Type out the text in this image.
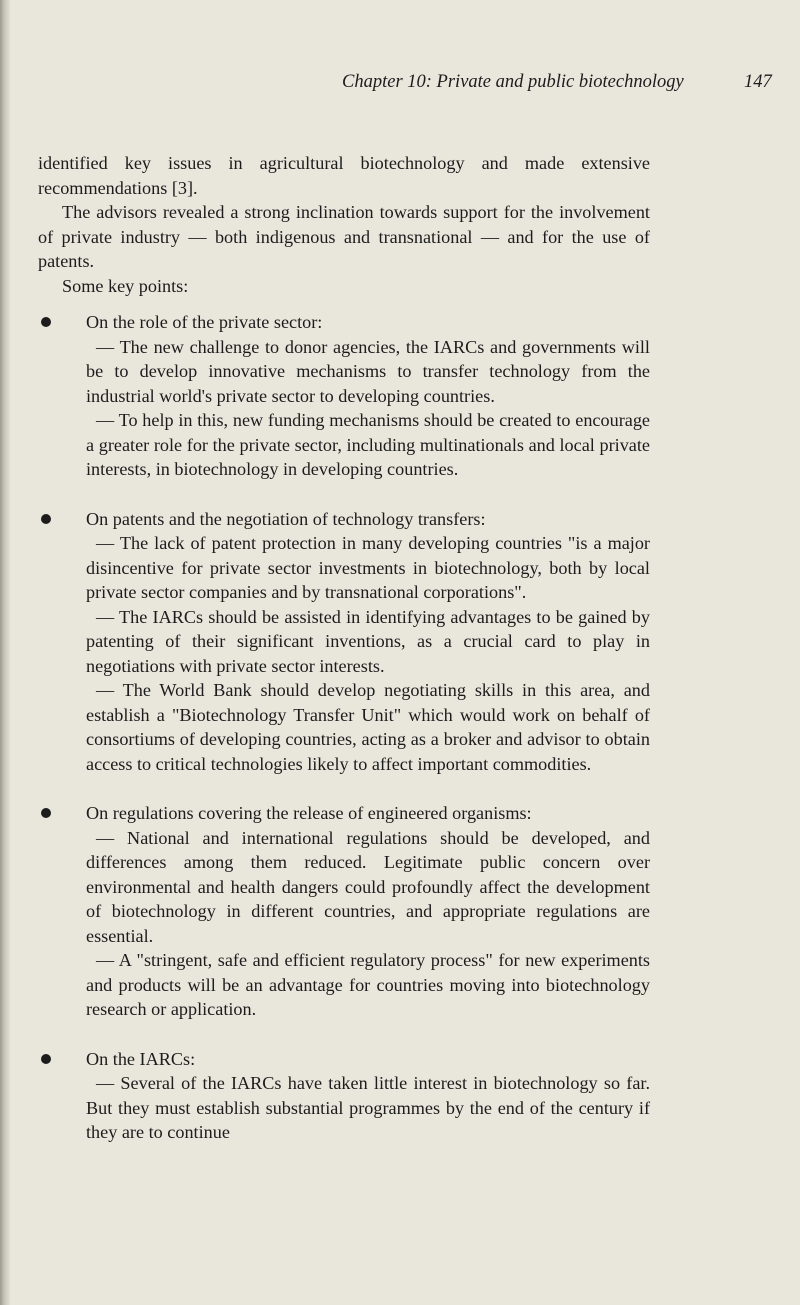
Chapter 10: Private and public biotechnology	147

identified key issues in agricultural biotechnology and made extensive recommendations [3].

The advisors revealed a strong inclination towards support for the involvement of private industry — both indigenous and transnational — and for the use of patents.

Some key points:

On the role of the private sector:
— The new challenge to donor agencies, the IARCs and governments will be to develop innovative mechanisms to transfer technology from the industrial world's private sector to developing countries.
— To help in this, new funding mechanisms should be created to encourage a greater role for the private sector, including multinationals and local private interests, in biotechnology in developing countries.
On patents and the negotiation of technology transfers:
— The lack of patent protection in many developing countries "is a major disincentive for private sector investments in biotechnology, both by local private sector companies and by transnational corporations".
— The IARCs should be assisted in identifying advantages to be gained by patenting of their significant inventions, as a crucial card to play in negotiations with private sector interests.
— The World Bank should develop negotiating skills in this area, and establish a "Biotechnology Transfer Unit" which would work on behalf of consortiums of developing countries, acting as a broker and advisor to obtain access to critical technologies likely to affect important commodities.
On regulations covering the release of engineered organisms:
— National and international regulations should be developed, and differences among them reduced. Legitimate public concern over environmental and health dangers could profoundly affect the development of biotechnology in different countries, and appropriate regulations are essential.
— A "stringent, safe and efficient regulatory process" for new experiments and products will be an advantage for countries moving into biotechnology research or application.
On the IARCs:
— Several of the IARCs have taken little interest in biotechnology so far. But they must establish substantial programmes by the end of the century if they are to continue
